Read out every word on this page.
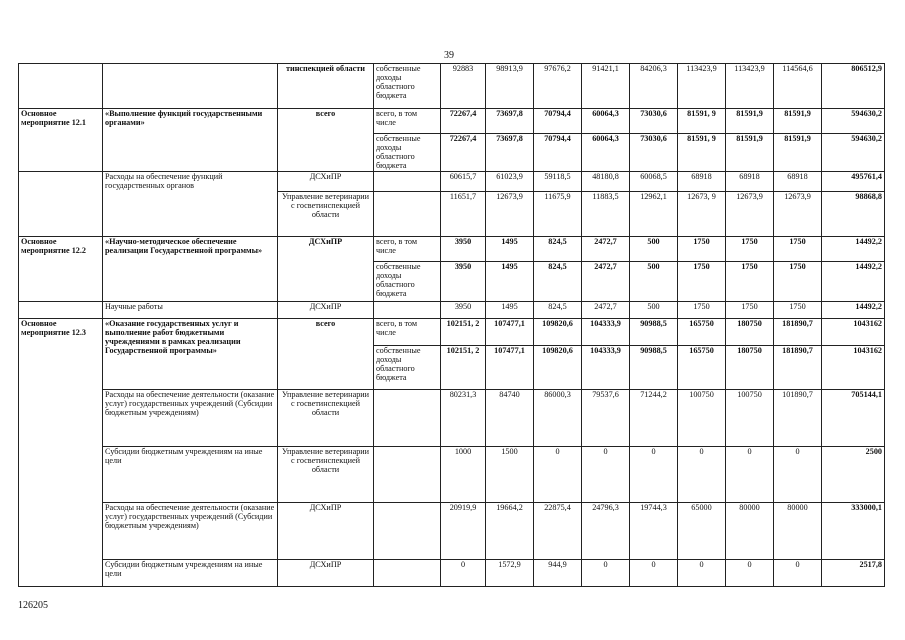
39
		тинспекцией области	собственные доходы областного бюджета	92883	98913,9	97676,2	91421,1	84206,3	113423,9	113423,9	114564,6	806512,9
Основное мероприятие 12.1	«Выполнение функций государственными органами»	всего	всего, в том числе	72267,4	73697,8	70794,4	60064,3	73030,6	81591, 9	81591,9	81591,9	594630,2
			собственные доходы областного бюджета	72267,4	73697,8	70794,4	60064,3	73030,6	81591, 9	81591,9	81591,9	594630,2
	Расходы на обеспечение функций государственных органов	ДСХиПР		60615,7	61023,9	59118,5	48180,8	60068,5	68918	68918	68918	495761,4
		Управление ветеринарии с госветинспекцией области		11651,7	12673,9	11675,9	11883,5	12962,1	12673, 9	12673,9	12673,9	98868,8
Основное мероприятие 12.2	«Научно-методическое обеспечение реализации Государственной программы»	ДСХиПР	всего, в том числе	3950	1495	824,5	2472,7	500	1750	1750	1750	14492,2
			собственные доходы областного бюджета	3950	1495	824,5	2472,7	500	1750	1750	1750	14492,2
	Научные работы	ДСХиПР		3950	1495	824,5	2472,7	500	1750	1750	1750	14492,2
Основное мероприятие 12.3	«Оказание государственных услуг и выполнение работ бюджетными учреждениями в рамках реализации Государственной программы»	всего	всего, в том числе	102151, 2	107477,1	109820,6	104333,9	90988,5	165750	180750	181890,7	1043162
			собственные доходы областного бюджета	102151, 2	107477,1	109820,6	104333,9	90988,5	165750	180750	181890,7	1043162
	Расходы на обеспечение деятельности (оказание услуг) государственных учреждений (Субсидии бюджетным учреждениям)	Управление ветеринарии с госветинспекцией области		80231,3	84740	86000,3	79537,6	71244,2	100750	100750	101890,7	705144,1
	Субсидии бюджетным учреждениям на иные цели	Управление ветеринарии с госветинспекцией области		1000	1500	0	0	0	0	0	0	2500
	Расходы на обеспечение деятельности (оказание услуг) государственных учреждений (Субсидии бюджетным учреждениям)	ДСХиПР		20919,9	19664,2	22875,4	24796,3	19744,3	65000	80000	80000	333000,1
	Субсидии бюджетным учреждениям на иные цели	ДСХиПР		0	1572,9	944,9	0	0	0	0	0	2517,8
126205
